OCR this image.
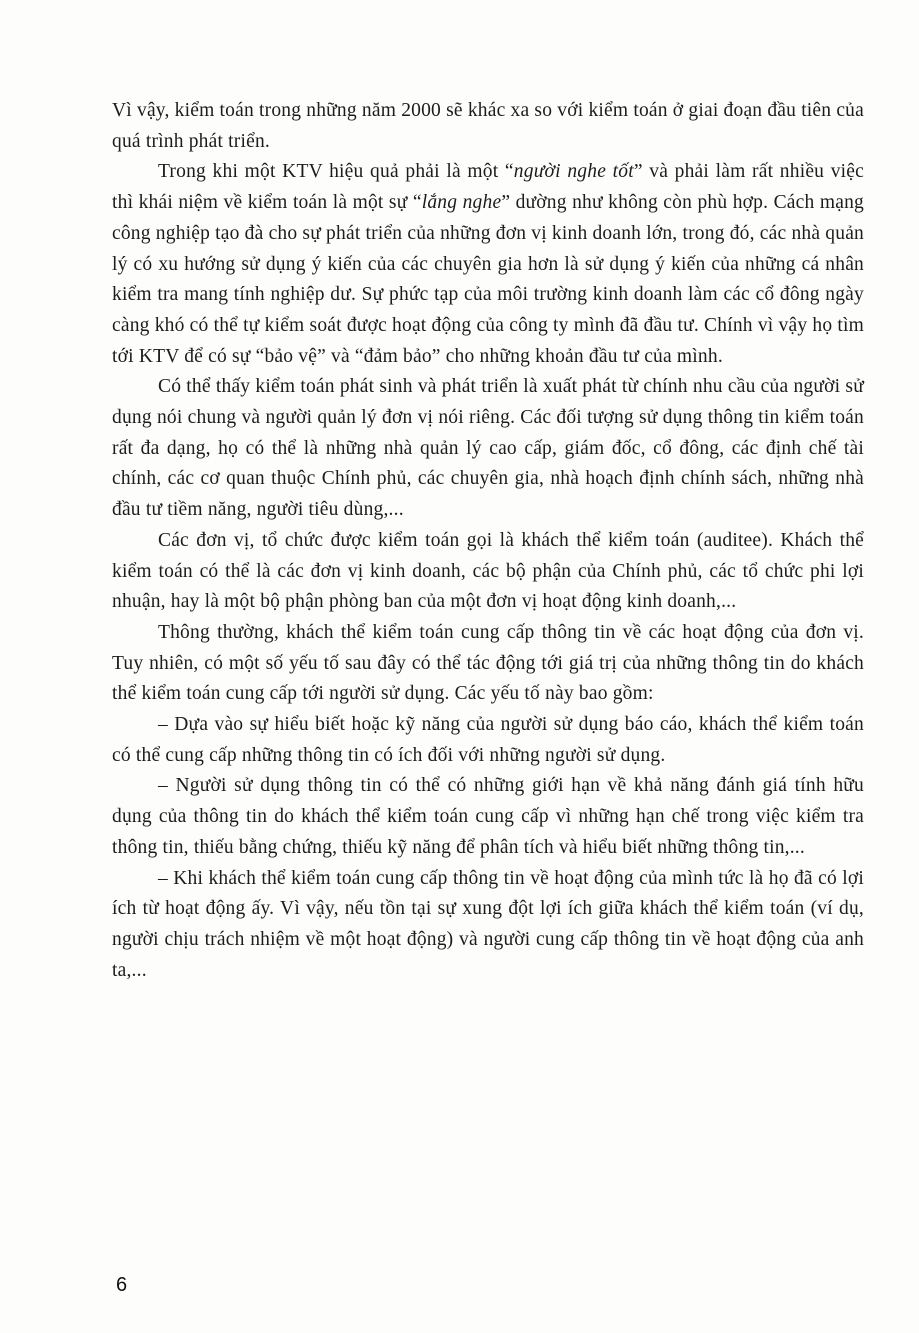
Vì vậy, kiểm toán trong những năm 2000 sẽ khác xa so với kiểm toán ở giai đoạn đầu tiên của quá trình phát triển.

Trong khi một KTV hiệu quả phải là một “người nghe tốt” và phải làm rất nhiều việc thì khái niệm về kiểm toán là một sự “lắng nghe” dường như không còn phù hợp. Cách mạng công nghiệp tạo đà cho sự phát triển của những đơn vị kinh doanh lớn, trong đó, các nhà quản lý có xu hướng sử dụng ý kiến của các chuyên gia hơn là sử dụng ý kiến của những cá nhân kiểm tra mang tính nghiệp dư. Sự phức tạp của môi trường kinh doanh làm các cổ đông ngày càng khó có thể tự kiểm soát được hoạt động của công ty mình đã đầu tư. Chính vì vậy họ tìm tới KTV để có sự “bảo vệ” và “đảm bảo” cho những khoản đầu tư của mình.

Có thể thấy kiểm toán phát sinh và phát triển là xuất phát từ chính nhu cầu của người sử dụng nói chung và người quản lý đơn vị nói riêng. Các đối tượng sử dụng thông tin kiểm toán rất đa dạng, họ có thể là những nhà quản lý cao cấp, giám đốc, cổ đông, các định chế tài chính, các cơ quan thuộc Chính phủ, các chuyên gia, nhà hoạch định chính sách, những nhà đầu tư tiềm năng, người tiêu dùng,...

Các đơn vị, tổ chức được kiểm toán gọi là khách thể kiểm toán (auditee). Khách thể kiểm toán có thể là các đơn vị kinh doanh, các bộ phận của Chính phủ, các tổ chức phi lợi nhuận, hay là một bộ phận phòng ban của một đơn vị hoạt động kinh doanh,...

Thông thường, khách thể kiểm toán cung cấp thông tin về các hoạt động của đơn vị. Tuy nhiên, có một số yếu tố sau đây có thể tác động tới giá trị của những thông tin do khách thể kiểm toán cung cấp tới người sử dụng. Các yếu tố này bao gồm:

– Dựa vào sự hiểu biết hoặc kỹ năng của người sử dụng báo cáo, khách thể kiểm toán có thể cung cấp những thông tin có ích đối với những người sử dụng.

– Người sử dụng thông tin có thể có những giới hạn về khả năng đánh giá tính hữu dụng của thông tin do khách thể kiểm toán cung cấp vì những hạn chế trong việc kiểm tra thông tin, thiếu bằng chứng, thiếu kỹ năng để phân tích và hiểu biết những thông tin,...

– Khi khách thể kiểm toán cung cấp thông tin về hoạt động của mình tức là họ đã có lợi ích từ hoạt động ấy. Vì vậy, nếu tồn tại sự xung đột lợi ích giữa khách thể kiểm toán (ví dụ, người chịu trách nhiệm về một hoạt động) và người cung cấp thông tin về hoạt động của anh ta,...

6
